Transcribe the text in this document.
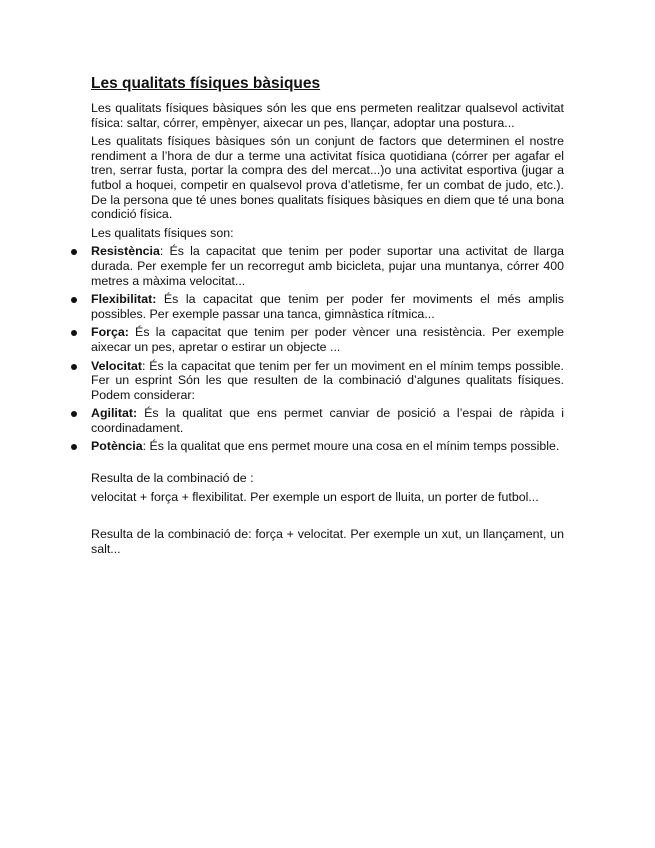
Les qualitats físiques bàsiques

Les qualitats físiques bàsiques són les que ens permeten realitzar qualsevol activitat física: saltar, córrer, empènyer, aixecar un pes, llançar, adoptar una postura...

Les qualitats físiques bàsiques són un conjunt de factors que determinen el nostre rendiment a l’hora de dur a terme una activitat física quotidiana (córrer per agafar el tren, serrar fusta, portar la compra des del mercat...)o una activitat esportiva (jugar a futbol a hoquei, competir en qualsevol prova d’atletisme, fer un combat de judo, etc.). De la persona que té unes bones qualitats físiques bàsiques en diem que té una bona condició física.

Les qualitats físiques son:

Resistència: És la capacitat que tenim per poder suportar una activitat de llarga durada. Per exemple fer un recorregut amb bicicleta, pujar una muntanya, córrer 400 metres a màxima velocitat...
Flexibilitat: És la capacitat que tenim per poder fer moviments el més amplis possibles. Per exemple passar una tanca, gimnàstica rítmica...
Força: És la capacitat que tenim per poder vèncer una resistència. Per exemple aixecar un pes, apretar o estirar un objecte ...
Velocitat: És la capacitat que tenim per fer un moviment en el mínim temps possible. Fer un esprint Són les que resulten de la combinació d’algunes qualitats físiques. Podem considerar:
Agilitat: És la qualitat que ens permet canviar de posició a l’espai de ràpida i coordinadament.
Potència: És la qualitat que ens permet moure una cosa en el mínim temps possible.

Resulta de la combinació de :

velocitat + força + flexibilitat. Per exemple un esport de lluita, un porter de futbol...

Resulta de la combinació de: força + velocitat. Per exemple un xut, un llançament, un salt...
